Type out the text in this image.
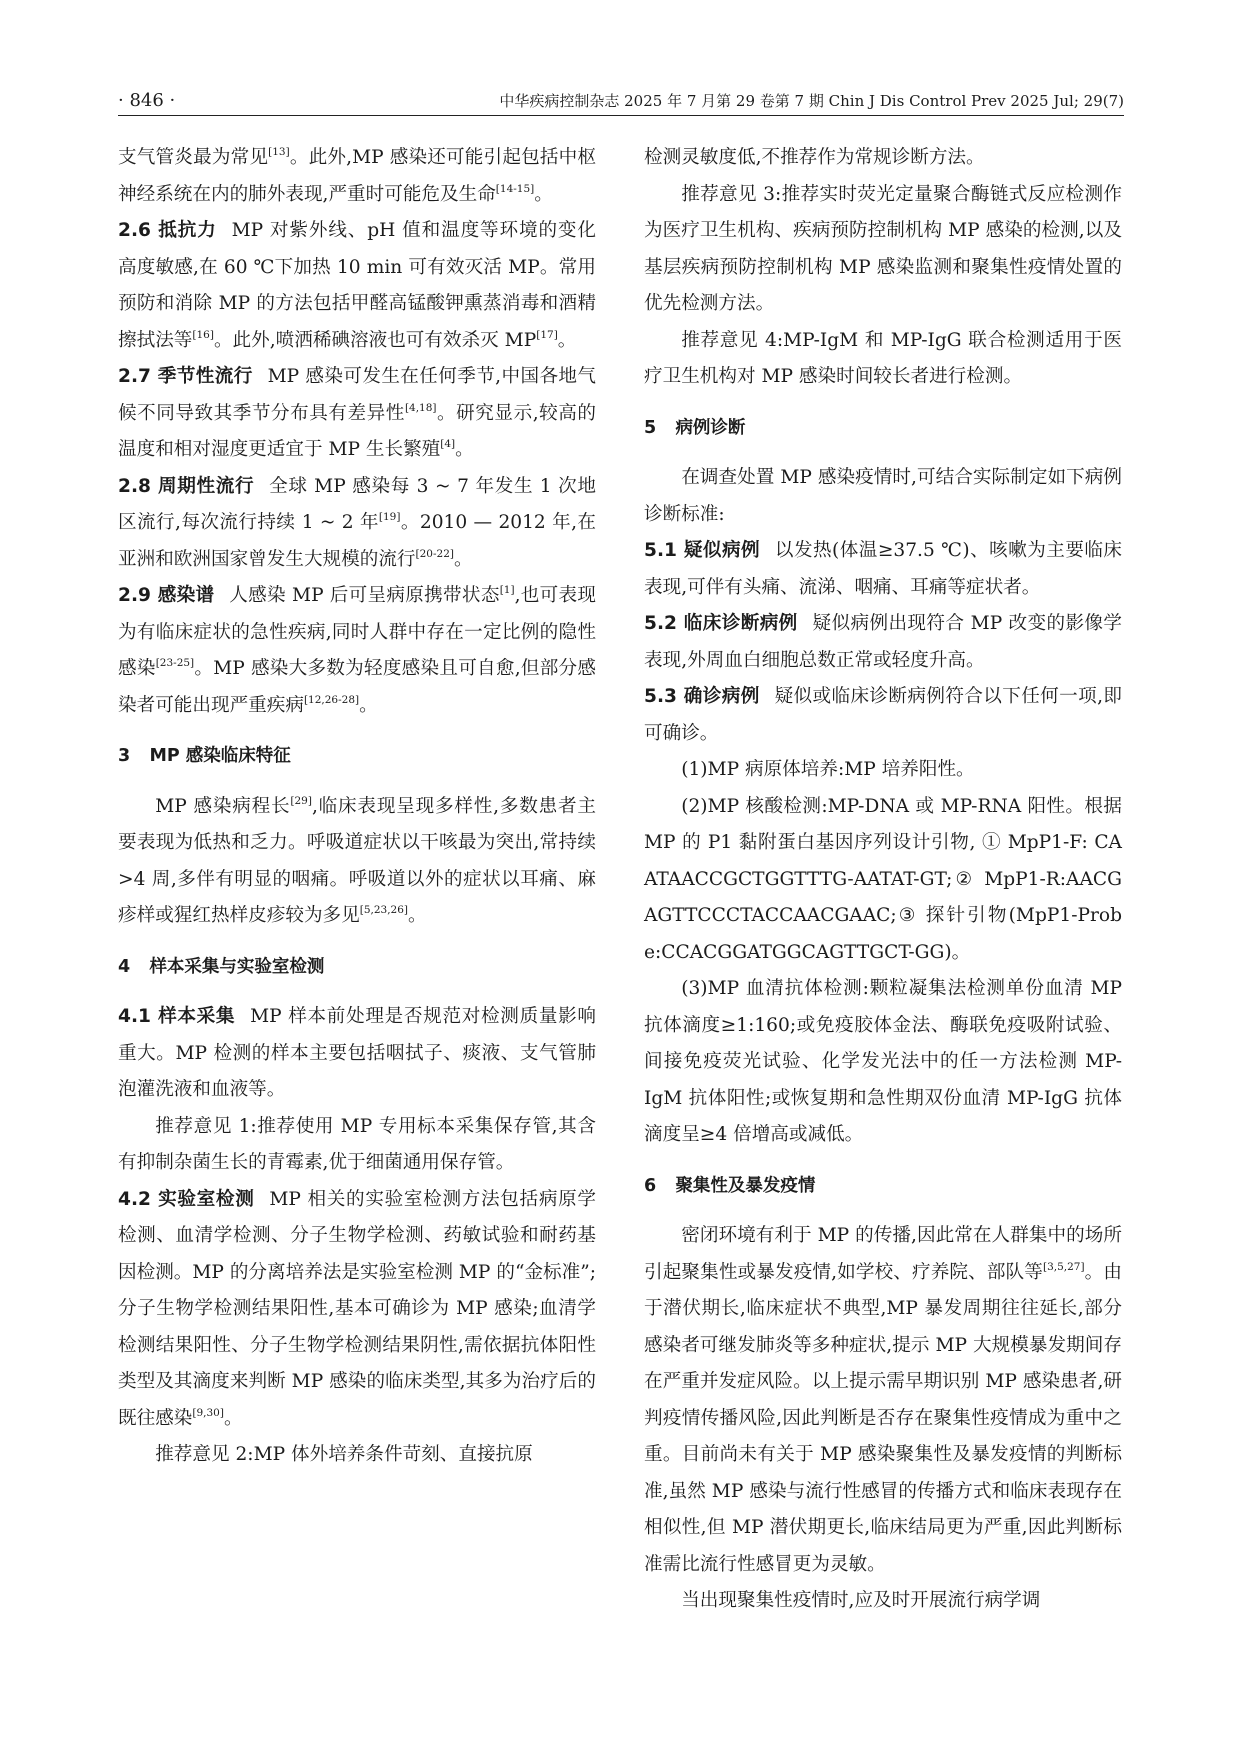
· 846 ·	中华疾病控制杂志 2025 年 7 月第 29 卷第 7 期 Chin J Dis Control Prev 2025 Jul; 29(7)

支气管炎最为常见[13]。此外,MP 感染还可能引起包括中枢神经系统在内的肺外表现,严重时可能危及生命[14-15]。

2.6 抵抗力 MP 对紫外线、pH 值和温度等环境的变化高度敏感,在 60 ℃下加热 10 min 可有效灭活 MP。常用预防和消除 MP 的方法包括甲醛高锰酸钾熏蒸消毒和酒精擦拭法等[16]。此外,喷洒稀碘溶液也可有效杀灭 MP[17]。

2.7 季节性流行 MP 感染可发生在任何季节,中国各地气候不同导致其季节分布具有差异性[4,18]。研究显示,较高的温度和相对湿度更适宜于 MP 生长繁殖[4]。

2.8 周期性流行 全球 MP 感染每 3 ~ 7 年发生 1 次地区流行,每次流行持续 1 ~ 2 年[19]。2010 — 2012 年,在亚洲和欧洲国家曾发生大规模的流行[20-22]。

2.9 感染谱 人感染 MP 后可呈病原携带状态[1],也可表现为有临床症状的急性疾病,同时人群中存在一定比例的隐性感染[23-25]。MP 感染大多数为轻度感染且可自愈,但部分感染者可能出现严重疾病[12,26-28]。

3 MP 感染临床特征

MP 感染病程长[29],临床表现呈现多样性,多数患者主要表现为低热和乏力。呼吸道症状以干咳最为突出,常持续>4 周,多伴有明显的咽痛。呼吸道以外的症状以耳痛、麻疹样或猩红热样皮疹较为多见[5,23,26]。

4 样本采集与实验室检测

4.1 样本采集 MP 样本前处理是否规范对检测质量影响重大。MP 检测的样本主要包括咽拭子、痰液、支气管肺泡灌洗液和血液等。

推荐意见 1:推荐使用 MP 专用标本采集保存管,其含有抑制杂菌生长的青霉素,优于细菌通用保存管。

4.2 实验室检测 MP 相关的实验室检测方法包括病原学检测、血清学检测、分子生物学检测、药敏试验和耐药基因检测。MP 的分离培养法是实验室检测 MP 的“金标准”;分子生物学检测结果阳性,基本可确诊为 MP 感染;血清学检测结果阳性、分子生物学检测结果阴性,需依据抗体阳性类型及其滴度来判断 MP 感染的临床类型,其多为治疗后的既往感染[9,30]。

推荐意见 2:MP 体外培养条件苛刻、直接抗原

检测灵敏度低,不推荐作为常规诊断方法。

推荐意见 3:推荐实时荧光定量聚合酶链式反应检测作为医疗卫生机构、疾病预防控制机构 MP 感染的检测,以及基层疾病预防控制机构 MP 感染监测和聚集性疫情处置的优先检测方法。

推荐意见 4:MP-IgM 和 MP-IgG 联合检测适用于医疗卫生机构对 MP 感染时间较长者进行检测。

5 病例诊断

在调查处置 MP 感染疫情时,可结合实际制定如下病例诊断标准:

5.1 疑似病例 以发热(体温≥37.5 ℃)、咳嗽为主要临床表现,可伴有头痛、流涕、咽痛、耳痛等症状者。

5.2 临床诊断病例 疑似病例出现符合 MP 改变的影像学表现,外周血白细胞总数正常或轻度升高。

5.3 确诊病例 疑似或临床诊断病例符合以下任何一项,即可确诊。

(1)MP 病原体培养:MP 培养阳性。

(2)MP 核酸检测:MP-DNA 或 MP-RNA 阳性。根据 MP 的 P1 黏附蛋白基因序列设计引物, ① MpP1-F: CAATAACCGCTGGTTTG-AATAT-GT;② MpP1-R:AACGAGTTCCCTACCAACGAAC;③ 探针引物(MpP1-Probe:CCACGGATGGCAGTTGCT-GG)。

(3)MP 血清抗体检测:颗粒凝集法检测单份血清 MP 抗体滴度≥1:160;或免疫胶体金法、酶联免疫吸附试验、间接免疫荧光试验、化学发光法中的任一方法检测 MP-IgM 抗体阳性;或恢复期和急性期双份血清 MP-IgG 抗体滴度呈≥4 倍增高或减低。

6 聚集性及暴发疫情

密闭环境有利于 MP 的传播,因此常在人群集中的场所引起聚集性或暴发疫情,如学校、疗养院、部队等[3,5,27]。由于潜伏期长,临床症状不典型,MP 暴发周期往往延长,部分感染者可继发肺炎等多种症状,提示 MP 大规模暴发期间存在严重并发症风险。以上提示需早期识别 MP 感染患者,研判疫情传播风险,因此判断是否存在聚集性疫情成为重中之重。目前尚未有关于 MP 感染聚集性及暴发疫情的判断标准,虽然 MP 感染与流行性感冒的传播方式和临床表现存在相似性,但 MP 潜伏期更长,临床结局更为严重,因此判断标准需比流行性感冒更为灵敏。

当出现聚集性疫情时,应及时开展流行病学调
